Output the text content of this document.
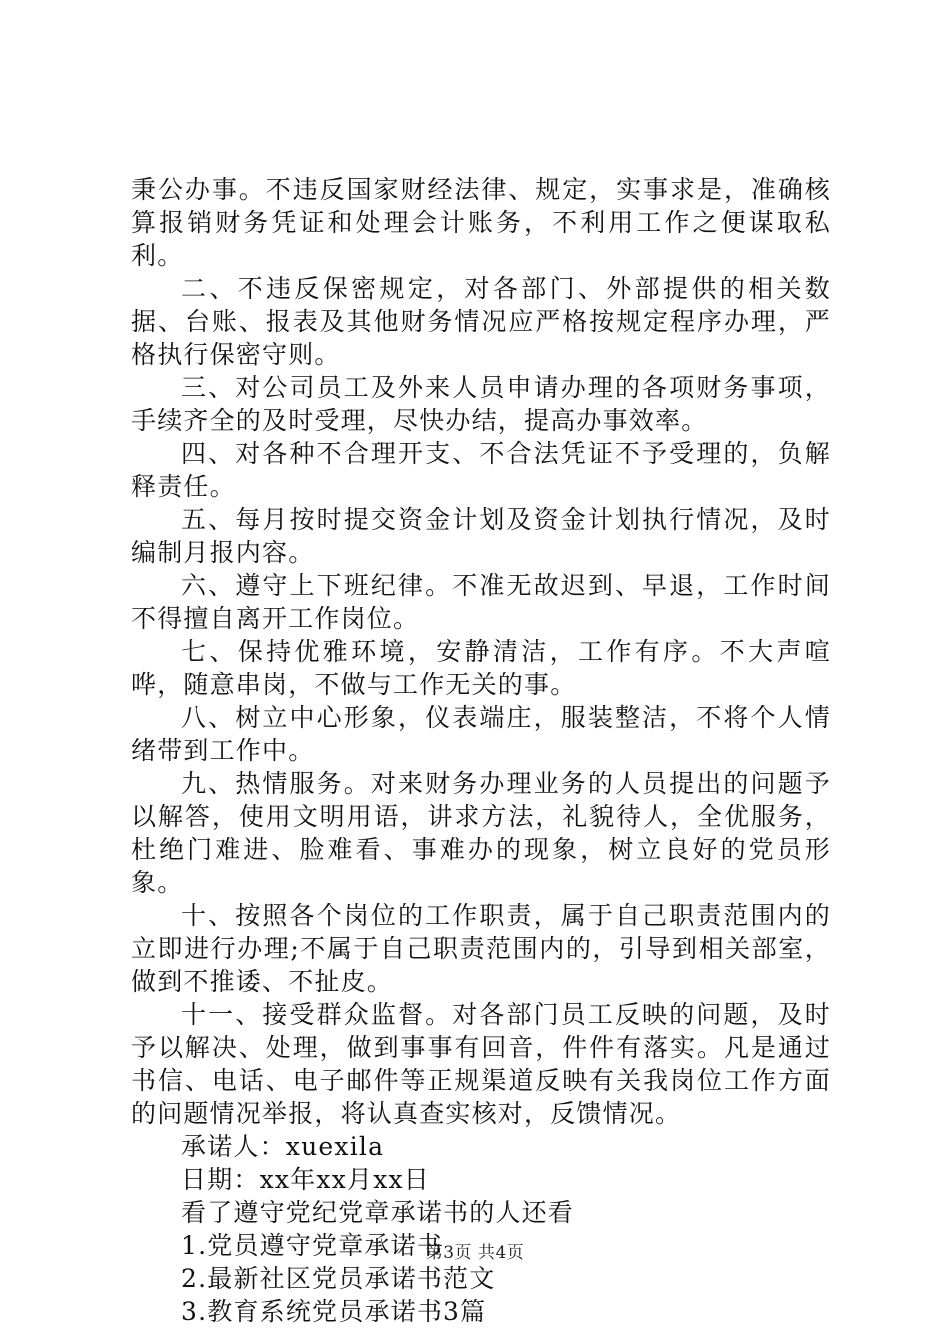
秉公办事。不违反国家财经法律、规定，实事求是，准确核算报销财务凭证和处理会计账务，不利用工作之便谋取私利。

二、不违反保密规定，对各部门、外部提供的相关数据、台账、报表及其他财务情况应严格按规定程序办理，严格执行保密守则。

三、对公司员工及外来人员申请办理的各项财务事项，手续齐全的及时受理，尽快办结，提高办事效率。

四、对各种不合理开支、不合法凭证不予受理的，负解释责任。

五、每月按时提交资金计划及资金计划执行情况，及时编制月报内容。

六、遵守上下班纪律。不准无故迟到、早退，工作时间不得擅自离开工作岗位。

七、保持优雅环境，安静清洁，工作有序。不大声喧哗，随意串岗，不做与工作无关的事。

八、树立中心形象，仪表端庄，服装整洁，不将个人情绪带到工作中。

九、热情服务。对来财务办理业务的人员提出的问题予以解答，使用文明用语，讲求方法，礼貌待人，全优服务，杜绝门难进、脸难看、事难办的现象，树立良好的党员形象。

十、按照各个岗位的工作职责，属于自己职责范围内的立即进行办理;不属于自己职责范围内的，引导到相关部室，做到不推诿、不扯皮。

十一、接受群众监督。对各部门员工反映的问题，及时予以解决、处理，做到事事有回音，件件有落实。凡是通过书信、电话、电子邮件等正规渠道反映有关我岗位工作方面的问题情况举报，将认真查实核对，反馈情况。

承诺人：xuexila

日期：xx年xx月xx日

看了遵守党纪党章承诺书的人还看

1.党员遵守党章承诺书

2.最新社区党员承诺书范文

3.教育系统党员承诺书3篇

第3页 共4页
